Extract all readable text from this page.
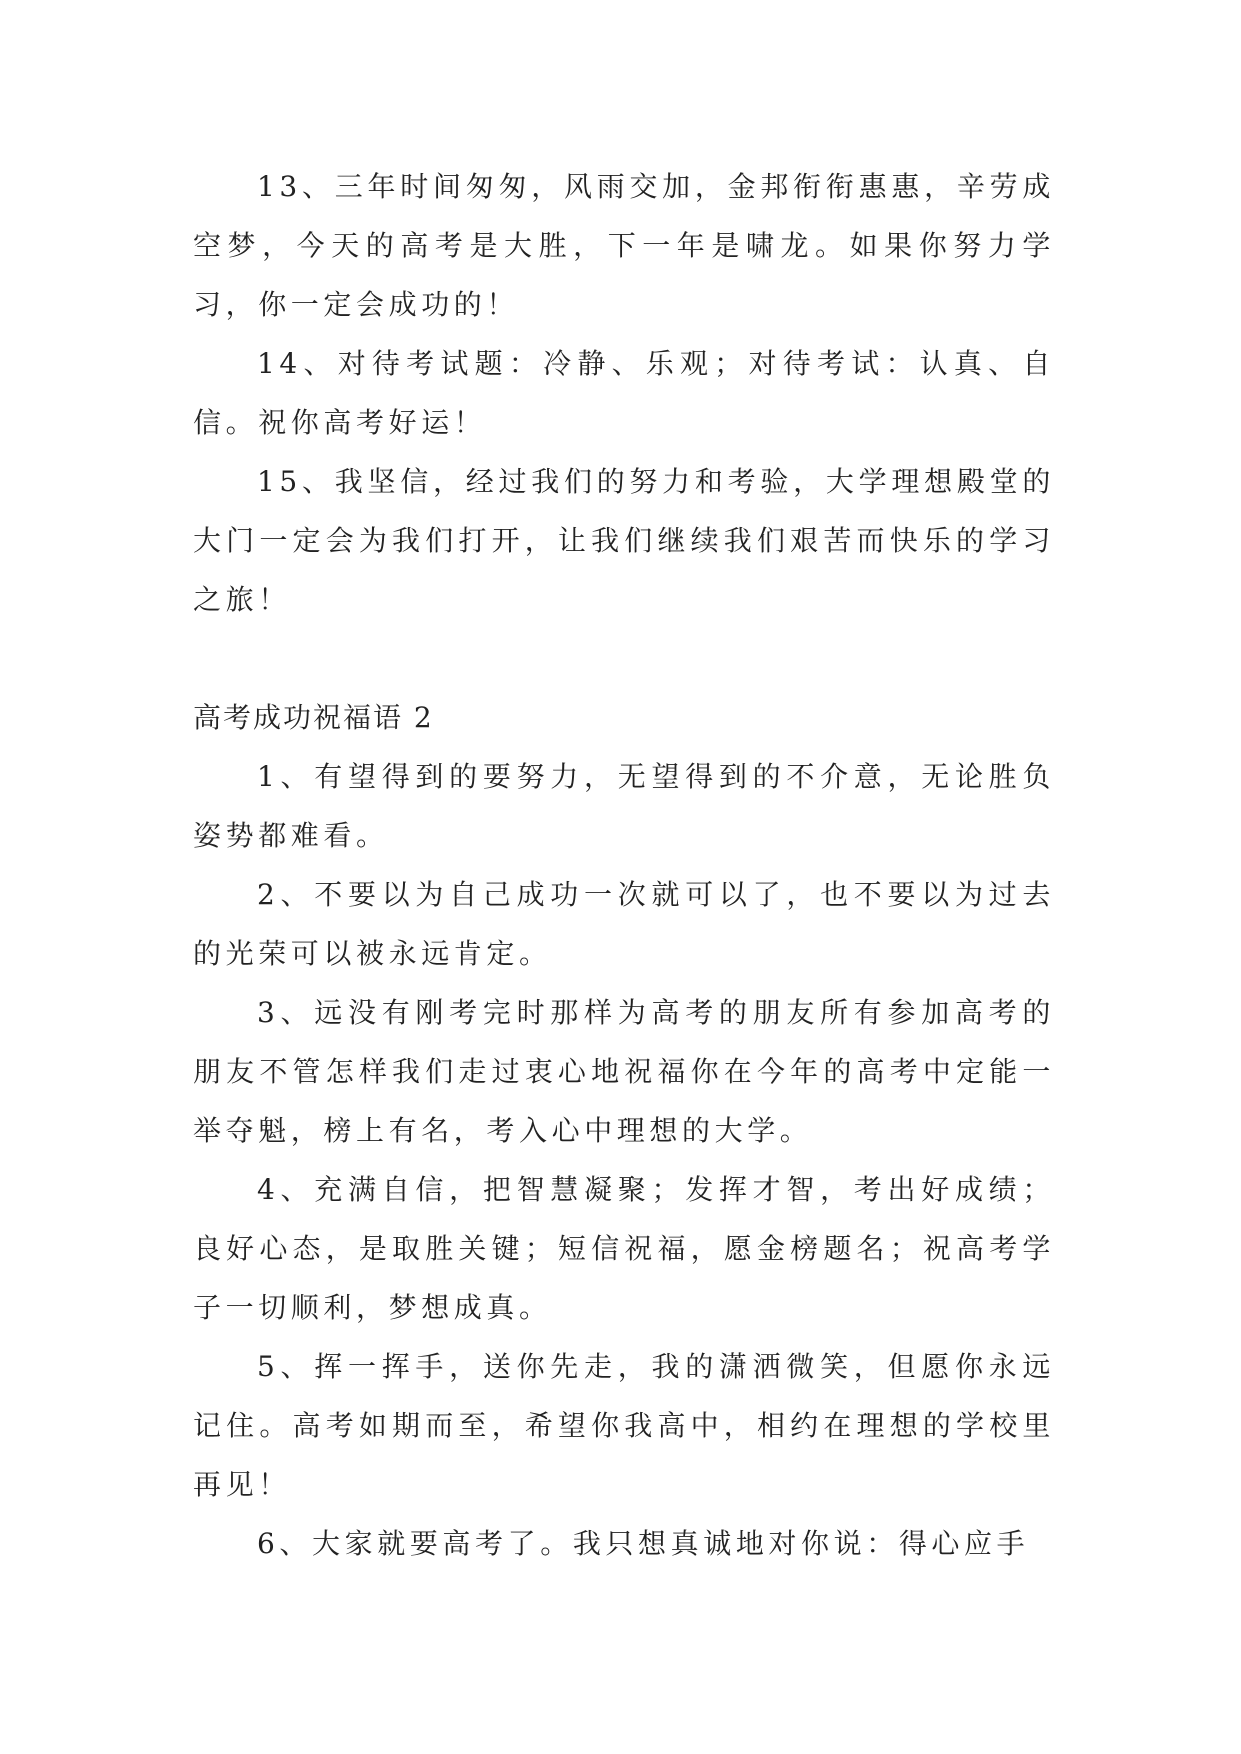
13、三年时间匆匆，风雨交加，金邦衔衔惠惠，辛劳成空梦，今天的高考是大胜，下一年是啸龙。如果你努力学习，你一定会成功的！

14、对待考试题：冷静、乐观；对待考试：认真、自信。祝你高考好运！

15、我坚信，经过我们的努力和考验，大学理想殿堂的大门一定会为我们打开，让我们继续我们艰苦而快乐的学习之旅！

高考成功祝福语 2

1、有望得到的要努力，无望得到的不介意，无论胜负姿势都难看。

2、不要以为自己成功一次就可以了，也不要以为过去的光荣可以被永远肯定。

3、远没有刚考完时那样为高考的朋友所有参加高考的朋友不管怎样我们走过衷心地祝福你在今年的高考中定能一举夺魁，榜上有名，考入心中理想的大学。

4、充满自信，把智慧凝聚；发挥才智，考出好成绩；良好心态，是取胜关键；短信祝福，愿金榜题名；祝高考学子一切顺利，梦想成真。

5、挥一挥手，送你先走，我的潇洒微笑，但愿你永远记住。高考如期而至，希望你我高中，相约在理想的学校里再见！

6、大家就要高考了。我只想真诚地对你说：得心应手
